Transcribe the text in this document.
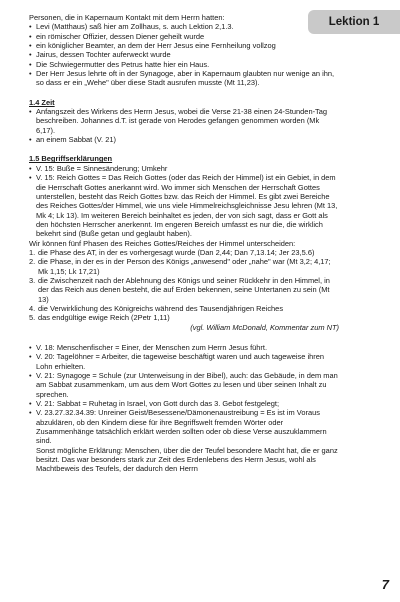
Lektion 1

Personen, die in Kapernaum Kontakt mit dem Herrn hatten:

• Levi (Matthaus) saß hier am Zollhaus, s. auch Lektion 2,1.3.
• ein römischer Offizier, dessen Diener geheilt wurde
• ein königlicher Beamter, an dem der Herr Jesus eine Fernheilung vollzog
• Jairus, dessen Tochter auferweckt wurde
• Die Schwiegermutter des Petrus hatte hier ein Haus.
• Der Herr Jesus lehrte oft in der Synagoge, aber in Kapernaum glaubten nur wenige an ihn, so dass er ein „Wehe" über diese Stadt ausrufen musste (Mt 11,23).

1.4 Zeit

• Anfangszeit des Wirkens des Herrn Jesus, wobei die Verse 21-38 einen 24-Stunden-Tag beschreiben. Johannes d.T. ist gerade von Herodes gefangen genommen worden (Mk 6,17).
• an einem Sabbat (V. 21)

1.5 Begriffserklärungen

• V. 15: Buße = Sinnesänderung; Umkehr
• V. 15: Reich Gottes = Das Reich Gottes (oder das Reich der Himmel) ist ein Gebiet, in dem die Herrschaft Gottes anerkannt wird. Wo immer sich Menschen der Herrschaft Gottes unterstellen, besteht das Reich Gottes bzw. das Reich der Himmel. Es gibt zwei Bereiche des Reiches Gottes/der Himmel, wie uns viele Himmelreichsgleichnisse Jesu lehren (Mt 13, Mk 4; Lk 13). Im weiteren Bereich beinhaltet es jeden, der von sich sagt, dass er Gott als den höchsten Herrscher anerkennt. Im engeren Bereich umfasst es nur die, die wirklich bekehrt sind (Buße getan und geglaubt haben).

Wir können fünf Phasen des Reiches Gottes/Reiches der Himmel unterscheiden:

1. die Phase des AT, in der es vorhergesagt wurde (Dan 2,44; Dan 7,13.14; Jer 23,5.6)
2. die Phase, in der es in der Person des Königs „anwesend" oder „nahe" war (Mt 3,2; 4,17; Mk 1,15; Lk 17,21)
3. die Zwischenzeit nach der Ablehnung des Königs und seiner Rückkehr in den Himmel, in der das Reich aus denen besteht, die auf Erden bekennen, seine Untertanen zu sein (Mt 13)
4. die Verwirklichung des Königreichs während des Tausendjährigen Reiches
5. das endgültige ewige Reich (2Petr 1,11)

(vgl. William McDonald, Kommentar zum NT)

• V. 18: Menschenfischer = Einer, der Menschen zum Herrn Jesus führt.
• V. 20: Tagelöhner = Arbeiter, die tageweise beschäftigt waren und auch tageweise ihren Lohn erhielten.
• V. 21: Synagoge = Schule (zur Unterweisung in der Bibel), auch: das Gebäude, in dem man am Sabbat zusammenkam, um aus dem Wort Gottes zu lesen und über seinen Inhalt zu sprechen.
• V. 21: Sabbat = Ruhetag in Israel, von Gott durch das 3. Gebot festgelegt;
• V. 23.27.32.34.39: Unreiner Geist/Besessene/Dämonenaustreibung = Es ist im Voraus abzuklären, ob den Kindern diese für ihre Begriffswelt fremden Wörter oder Zusammenhänge tatsächlich erklärt werden sollten oder ob diese Verse auszuklammern sind.

Sonst mögliche Erklärung: Menschen, über die der Teufel besondere Macht hat, die er ganz besitzt. Das war besonders stark zur Zeit des Erdenlebens des Herrn Jesus, wohl als Machtbeweis des Teufels, der dadurch den Herrn

7
